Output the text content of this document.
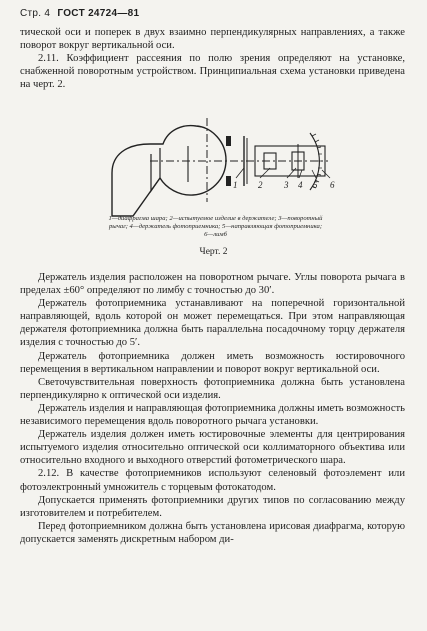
Стр. 4 ГОСТ 24724—81

тической оси и поперек в двух взаимно перпендикулярных направлениях, а также поворот вокруг вертикальной оси.

2.11. Коэффициент рассеяния по полю зрения определяют на установке, снабженной поворотным устройством. Принципиальная схема установки приведена на черт. 2.

1 2 3 4 5 6
1—диафрагма шара; 2—испытуемое изделие в держателе; 3—поворотный рычаг; 4—держатель фотоприемника; 5—направляющая фотоприемника; 6—лимб
Черт. 2

Держатель изделия расположен на поворотном рычаге. Углы поворота рычага в пределах ±60° определяют по лимбу с точностью до 30′.

Держатель фотоприемника устанавливают на поперечной горизонтальной направляющей, вдоль которой он может перемещаться. При этом направляющая держателя фотоприемника должна быть параллельна посадочному торцу держателя изделия с точностью до 5′.

Держатель фотоприемника должен иметь возможность юстировочного перемещения в вертикальном направлении и поворот вокруг вертикальной оси.

Светочувствительная поверхность фотоприемника должна быть установлена перпендикулярно к оптической оси изделия.

Держатель изделия и направляющая фотоприемника должны иметь возможность независимого перемещения вдоль поворотного рычага установки.

Держатель изделия должен иметь юстировочные элементы для центрирования испытуемого изделия относительно оптической оси коллиматорного объектива или относительно входного и выходного отверстий фотометрического шара.

2.12. В качестве фотоприемников используют селеновый фотоэлемент или фотоэлектронный умножитель с торцевым фотокатодом.

Допускается применять фотоприемники других типов по согласованию между изготовителем и потребителем.

Перед фотоприемником должна быть установлена ирисовая диафрагма, которую допускается заменять дискретным набором ди-
